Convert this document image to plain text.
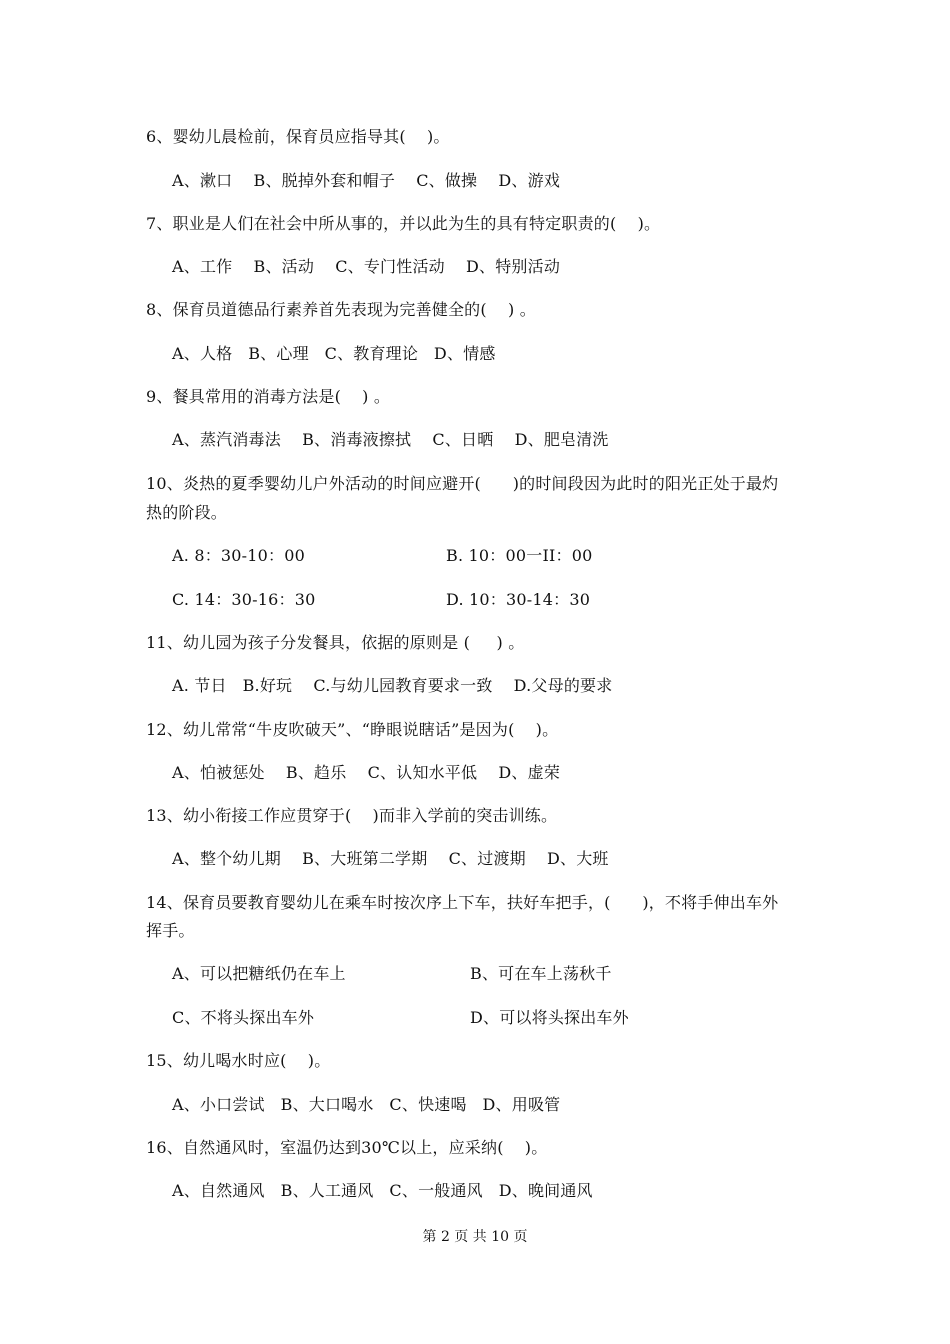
6、婴幼儿晨检前，保育员应指导其(    )。
A、漱口    B、脱掉外套和帽子    C、做操    D、游戏
7、职业是人们在社会中所从事的，并以此为生的具有特定职责的(    )。
A、工作    B、活动    C、专门性活动    D、特别活动
8、保育员道德品行素养首先表现为完善健全的(    ) 。
A、人格   B、心理   C、教育理论   D、情感
9、餐具常用的消毒方法是(    ) 。
A、蒸汽消毒法    B、消毒液擦拭    C、日晒    D、肥皂清洗
10、炎热的夏季婴幼儿户外活动的时间应避开(      )的时间段因为此时的阳光正处于最灼
热的阶段。
A. 8：30-10：00	B. 10：00一II：00
C. 14：30-16：30	D. 10：30-14：30
11、幼儿园为孩子分发餐具，依据的原则是 (     ) 。
A. 节日   B.好玩    C.与幼儿园教育要求一致    D.父母的要求
12、幼儿常常“牛皮吹破天”、“睁眼说瞎话”是因为(    )。
A、怕被惩处    B、趋乐    C、认知水平低    D、虚荣
13、幼小衔接工作应贯穿于(    )而非入学前的突击训练。
A、整个幼儿期    B、大班第二学期    C、过渡期    D、大班
14、保育员要教育婴幼儿在乘车时按次序上下车，扶好车把手，(      )，不将手伸出车外
挥手。
A、可以把糖纸仍在车上	B、可在车上荡秋千
C、不将头探出车外	D、可以将头探出车外
15、幼儿喝水时应(    )。
A、小口尝试   B、大口喝水   C、快速喝   D、用吸管
16、自然通风时，室温仍达到30℃以上，应采纳(    )。
A、自然通风   B、人工通风   C、一般通风   D、晚间通风
第 2 页 共 10 页
